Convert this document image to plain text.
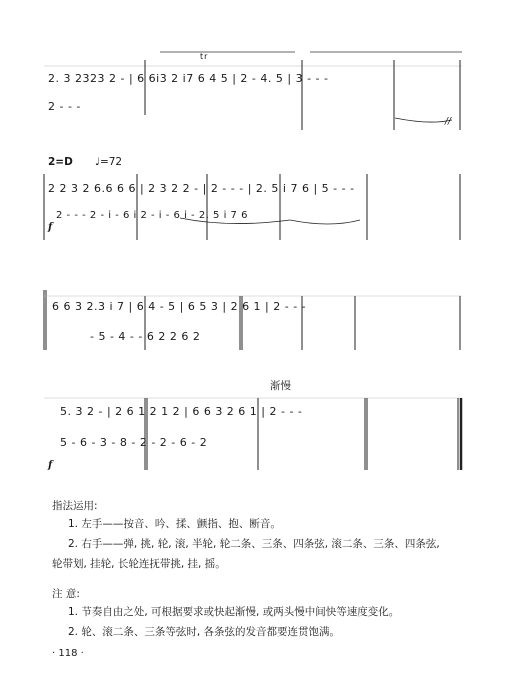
//
2. 3 2323 2 - | 6 6i3 2 i7 6 4 5 | 2 - 4. 5 | 3 - - -
2 - - -
tr
2=D ♩=72
2 2 3 2 6.6 6 6 | 2 3 2 2 - | 2 - - - | 2. 5 i 7 6 | 5 - - -
2 - - - 2 - i - 6 i 2 - i - 6 i - 2. 5 i 7 6
f
6 6 3 2.3 i 7 | 6 4 - 5 | 6 5 3 | 2 6 1 | 2 - - -
- 5 - 4 - - 6 2 2 6 2
渐慢
5. 3 2 - | 2 6 1 2 1 2 | 6 6 3 2 6 1 | 2 - - -
5 - 6 - 3 - 8 - 2 - 2 - 6 - 2
f
指法运用:
1. 左手——按音、吟、揉、颤指、抱、断音。
2. 右手——弹, 挑, 轮, 滚, 半轮, 轮二条、三条、四条弦, 滚二条、三条、四条弦,
轮带划, 挂轮, 长轮连抚带挑, 挂, 摇。
注 意:
1. 节奏自由之处, 可根据要求或快起渐慢, 或两头慢中间快等速度变化。
2. 轮、滚二条、三条等弦时, 各条弦的发音都要连贯饱满。
· 118 ·
